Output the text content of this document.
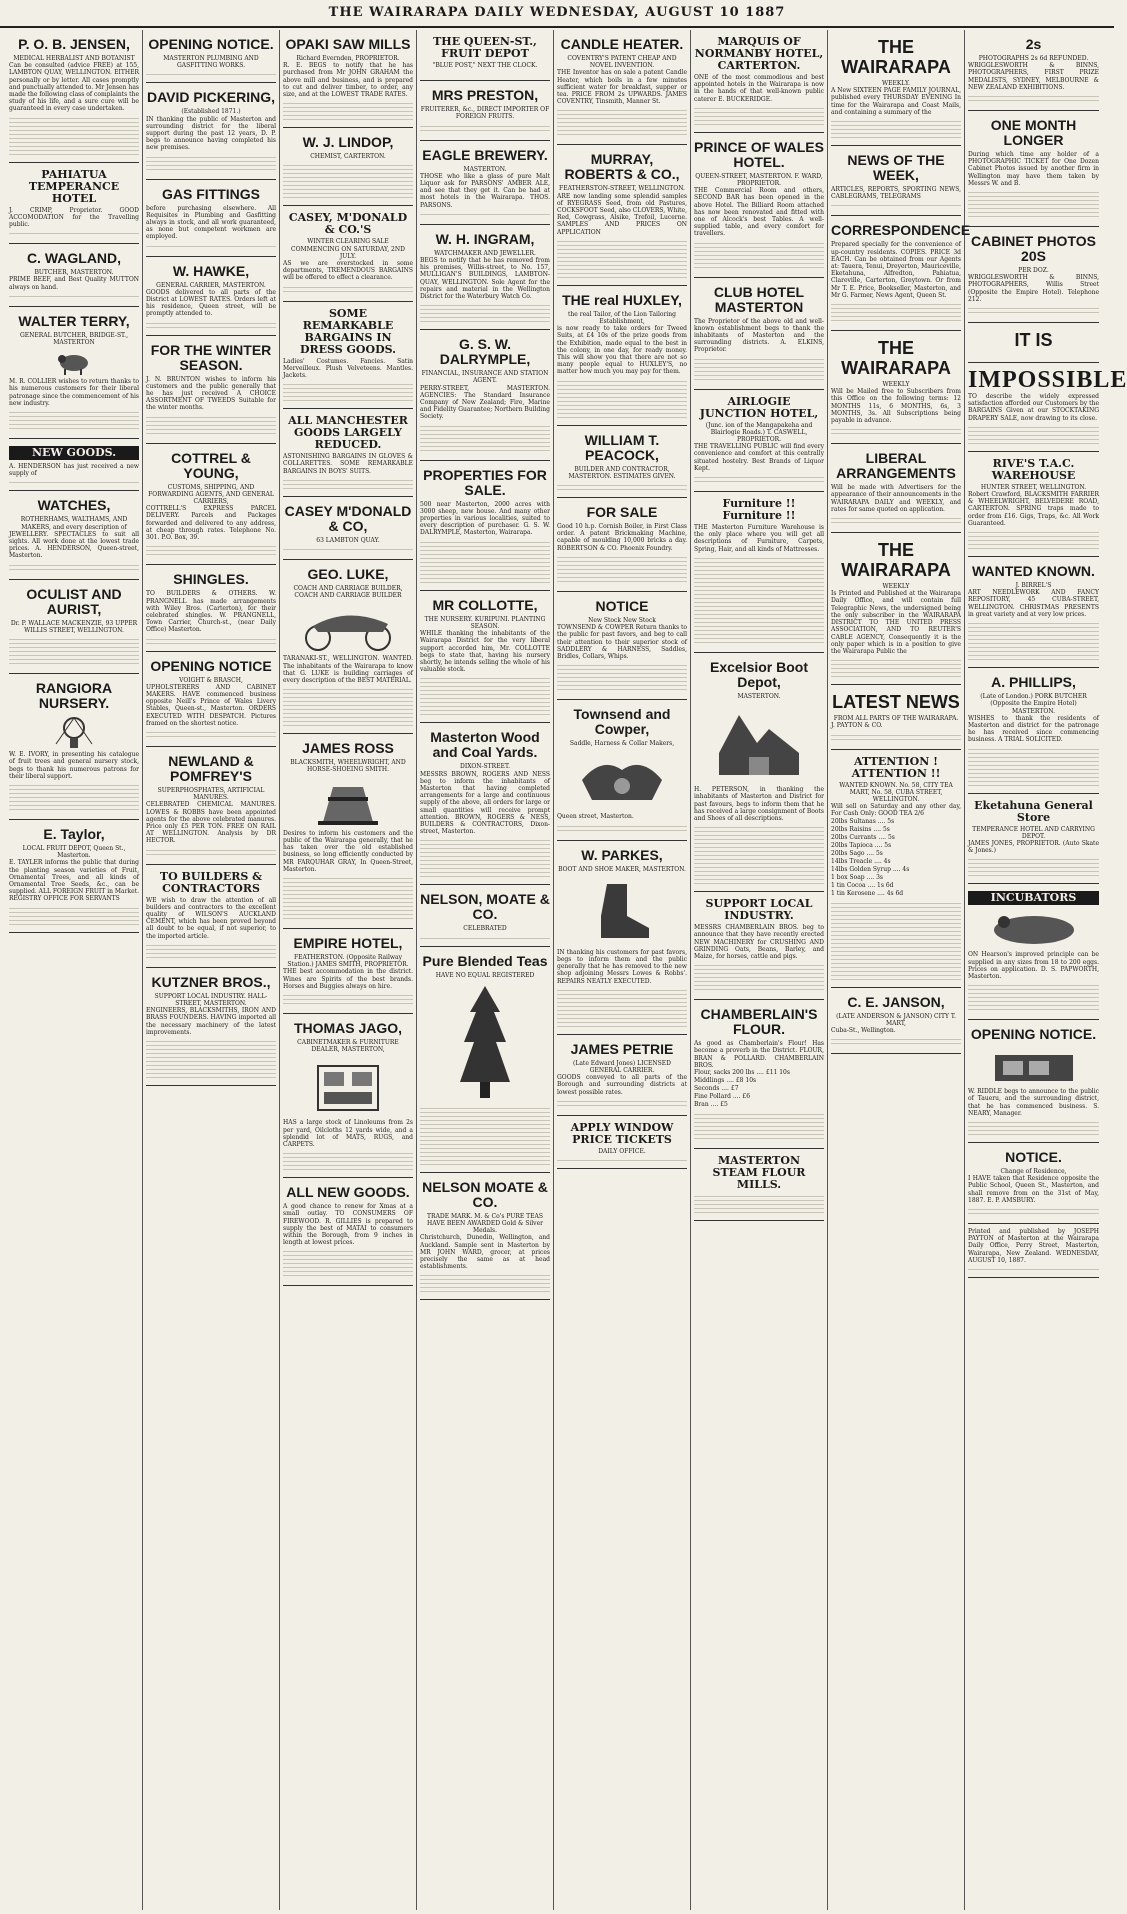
THE WAIRARAPA DAILY WEDNESDAY, AUGUST 10 1887
P. O. B. JENSEN,
MEDICAL HERBALIST AND BOTANIST
Can be consulted (advice FREE) at 155, LAMBTON QUAY, WELLINGTON. EITHER personally or by letter. All cases promptly and punctually attended to. Mr Jensen has made the following class of complaints the study of his life, and a sure cure will be guaranteed in every case undertaken.
PAHIATUA TEMPERANCE HOTEL
J. CRIMP, Proprietor. GOOD ACCOMODATION for the Travelling public.
C. WAGLAND,
BUTCHER, MASTERTON.
PRIME BEEF, and Best Quality MUTTON always on hand.
WALTER TERRY,
GENERAL BUTCHER, BRIDGE-ST., MASTERTON
M. R. COLLIER wishes to return thanks to his numerous customers for their liberal patronage since the commencement of his new industry.
NEW GOODS.
A. HENDERSON has just received a new supply of
WATCHES,
ROTHERHAMS, WALTHAMS, AND MAKERS, and every description of
JEWELLERY. SPECTACLES to suit all sights. All work done at the lowest trade prices. A. HENDERSON, Queen-street, Masterton.
OCULIST AND AURIST,
Dr. P. WALLACE MACKENZIE, 93 UPPER WILLIS STREET, WELLINGTON.
RANGIORA NURSERY.
W. E. IVORY, in presenting his catalogue of fruit trees and general nursery stock, begs to thank his numerous patrons for their liberal support.
E. Taylor,
LOCAL FRUIT DEPOT, Queen St., Masterton.
E. TAYLER informs the public that during the planting season varieties of Fruit, Ornamental Trees, and all kinds of Ornamental Tree Seeds, &c., can be supplied. ALL FOREIGN FRUIT in Market. REGISTRY OFFICE FOR SERVANTS
OPENING NOTICE.
MASTERTON PLUMBING AND GASFITTING WORKS.
DAVID PICKERING,
(Established 1871.)
IN thanking the public of Masterton and surrounding district for the liberal support during the past 12 years, D. P. begs to announce having completed his new premises.
GAS FITTINGS
before purchasing elsewhere. All Requisites in Plumbing and Gasfitting always in stock, and all work guaranteed, as none but competent workmen are employed.
W. HAWKE,
GENERAL CARRIER, MASTERTON.
GOODS delivered to all parts of the District at LOWEST RATES. Orders left at his residence, Queen street, will be promptly attended to.
FOR THE WINTER SEASON.
J. N. BRUNTON wishes to inform his customers and the public generally that he has just received A CHOICE ASSORTMENT OF TWEEDS Suitable for the winter months.
COTTREL & YOUNG,
CUSTOMS, SHIPPING, AND FORWARDING AGENTS, AND GENERAL CARRIERS,
COTTRELL'S EXPRESS PARCEL DELIVERY. Parcels and Packages forwarded and delivered to any address, at cheap through rates. Telephone No. 301. P.O. Box, 39.
SHINGLES.
TO BUILDERS & OTHERS. W. PRANGNELL has made arrangements with Wiley Bros. (Carterton), for their celebrated shingles. W. PRANGNELL, Town Carrier, Church-st., (near Daily Office) Masterton.
OPENING NOTICE
VOIGHT & BRASCH,
UPHOLSTERERS AND CABINET MAKERS. HAVE commenced business opposite Neill's Prince of Wales Livery Stables, Queen-st., Masterton. ORDERS EXECUTED WITH DESPATCH. Pictures framed on the shortest notice.
NEWLAND & POMFREY'S
SUPERPHOSPHATES, ARTIFICIAL MANURES.
CELEBRATED CHEMICAL MANURES. LOWES & ROBBS have been appointed agents for the above celebrated manures. Price only £5 PER TON. FREE ON RAIL AT WELLINGTON. Analysis by DR HECTOR.
TO BUILDERS & CONTRACTORS
WE wish to draw the attention of all builders and contractors to the excellent quality of WILSON'S AUCKLAND CEMENT, which has been proved beyond all doubt to be equal, if not superior, to the imported article.
KUTZNER BROS.,
SUPPORT LOCAL INDUSTRY. HALL-STREET, MASTERTON.
ENGINEERS, BLACKSMITHS, IRON AND BRASS FOUNDERS. HAVING imported all the necessary machinery of the latest improvements.
OPAKI SAW MILLS
Richard Evernden, PROPRIETOR.
R. E. BEGS to notify that he has purchased from Mr JOHN GRAHAM the above mill and business, and is prepared to cut and deliver timber, to order, any size, and at the LOWEST TRADE RATES.
W. J. LINDOP,
CHEMIST, CARTERTON.
CASEY, M'DONALD & CO.'S
WINTER CLEARING SALE COMMENCING ON SATURDAY, 2ND JULY.
AS we are overstocked in some departments, TREMENDOUS BARGAINS will be offered to effect a clearance.
SOME REMARKABLE BARGAINS IN DRESS GOODS.
Ladies' Costumes. Fancies. Satin Merveilleux. Plush Velveteens. Mantles. Jackets.
ALL MANCHESTER GOODS LARGELY REDUCED.
ASTONISHING BARGAINS IN GLOVES & COLLARETTES. SOME REMARKABLE BARGAINS IN BOYS' SUITS.
CASEY M'DONALD & CO,
63 LAMBTON QUAY.
GEO. LUKE,
COACH AND CARRIAGE BUILDER, COACH AND CARRIAGE BUILDER
TARANAKI-ST., WELLINGTON. WANTED. The inhabitants of the Wairarapa to know that G. LUKE is building carriages of every description of the BEST MATERIAL.
JAMES ROSS
BLACKSMITH, WHEELWRIGHT, AND HORSE-SHOEING SMITH.
Desires to inform his customers and the public of the Wairarapa generally, that he has taken over the old established business, so long efficiently conducted by MR FARQUHAR GRAY, In Queen-Street, Masterton.
EMPIRE HOTEL,
FEATHERSTON. (Opposite Railway Station.) JAMES SMITH, PROPRIETOR.
THE best accommodation in the district. Wines are Spirits of the best brands. Horses and Buggies always on hire.
THOMAS JAGO,
CABINETMAKER & FURNITURE DEALER, MASTERTON,
HAS a large stock of Linoleums from 2s per yard, Oilcloths 12 yards wide, and a splendid lot of MATS, RUGS, and CARPETS.
ALL NEW GOODS.
A good chance to renew for Xmas at a small outlay. TO CONSUMERS OF FIREWOOD. R. GILLIES is prepared to supply the best of MATAI to consumers within the Borough, from 9 inches in length at lowest prices.
THE QUEEN-ST., FRUIT DEPOT
"BLUE POST," NEXT THE CLOCK.
MRS PRESTON,
FRUITERER, &c., DIRECT IMPORTER OF FOREIGN FRUITS.
EAGLE BREWERY.
MASTERTON.
THOSE who like a glass of pure Malt Liquor ask for PARSONS' AMBER ALE, and see that they get it. Can be had at most hotels in the Wairarapa. THOS. PARSONS.
W. H. INGRAM,
WATCHMAKER AND JEWELLER.
BEGS to notify that he has removed from his premises, Willis-street, to No. 157, MULLIGAN'S BUILDINGS, LAMBTON-QUAY, WELLINGTON. Sole Agent for the repairs and material in the Wellington District for the Waterbury Watch Co.
G. S. W. DALRYMPLE,
FINANCIAL, INSURANCE AND STATION AGENT.
PERRY-STREET, MASTERTON. AGENCIES: The Standard Insurance Company of New Zealand; Fire, Marine and Fidelity Guarantee; Northern Building Society.
PROPERTIES FOR SALE.
500 near Masterton, 2000 acres with 3000 sheep, new house. And many other properties in various localities, suited to every description of purchaser. G. S. W. DALRYMPLE, Masterton, Wairarapa.
MR COLLOTTE,
THE NURSERY. KURIPUNI. PLANTING SEASON.
WHILE thanking the inhabitants of the Wairarapa District for the very liberal support accorded him, Mr. COLLOTTE begs to state that, having his nursery shortly, he intends selling the whole of his valuable stock.
Masterton Wood and Coal Yards.
DIXON-STREET.
MESSRS BROWN, ROGERS AND NESS beg to inform the inhabitants of Masterton that having completed arrangements for a large and continuous supply of the above, all orders for large or small quantities will receive prompt attention. BROWN, ROGERS & NESS, BUILDERS & CONTRACTORS, Dixon-street, Masterton.
NELSON, MOATE & CO.
CELEBRATED
Pure Blended Teas
HAVE NO EQUAL REGISTERED
NELSON MOATE & CO.
TRADE MARK. M. & Co's PURE TEAS HAVE BEEN AWARDED Gold & Silver Medals.
Christchurch, Dunedin, Wellington, and Auckland. Sample sent in Masterton by MR JOHN WARD, grocer, at prices precisely the same as at head establishments.
CANDLE HEATER.
COVENTRY'S PATENT CHEAP AND NOVEL INVENTION.
THE Inventor has on sale a patent Candle Heater, which boils in a few minutes sufficient water for breakfast, supper or tea. PRICE FROM 2s UPWARDS. JAMES COVENTRY, Tinsmith, Manner St.
MURRAY, ROBERTS & CO.,
FEATHERSTON-STREET, WELLINGTON.
ARE now landing some splendid samples of RYEGRASS Seed, from old Pastures, COCKSFOOT Seed, also CLOVERS, White, Red, Cowgrass, Alsike, Trefoil, Lucerne. SAMPLES AND PRICES ON APPLICATION
THE real HUXLEY,
the real Tailor, of the Lion Tailoring Establishment,
is now ready to take orders for Tweed Suits, at £4 10s of the prize goods from the Exhibition, made equal to the best in the colony, in one day, for ready money. This will show you that there are not so many people equal to HUXLEY'S, no matter how much you may pay for them.
WILLIAM T. PEACOCK,
BUILDER AND CONTRACTOR, MASTERTON. ESTIMATES GIVEN.
FOR SALE
Good 10 h.p. Cornish Boiler, in First Class order. A patent Brickmaking Machine, capable of moulding 10,000 bricks a day. ROBERTSON & CO. Phoenix Foundry.
NOTICE
New Stock New Stock
TOWNSEND & COWPER Return thanks to the public for past favors, and beg to call their attention to their superior stock of SADDLERY & HARNESS, Saddles, Bridles, Collars, Whips.
Townsend and Cowper,
Saddle, Harness & Collar Makers,
Queen street, Masterton.
W. PARKES,
BOOT AND SHOE MAKER, MASTERTON.
IN thanking his customers for past favors, begs to inform them and the public generally that he has removed to the new shop adjoining Messrs Lowes & Robbs'. REPAIRS NEATLY EXECUTED.
JAMES PETRIE
(Late Edward Jones) LICENSED GENERAL CARRIER.
GOODS conveyed to all parts of the Borough and surrounding districts at lowest possible rates.
APPLY WINDOW PRICE TICKETS
DAILY OFFICE.
MARQUIS OF NORMANBY HOTEL, CARTERTON.
ONE of the most commodious and best appointed hotels in the Wairarapa is now in the hands of that well-known public caterer E. BUCKERIDGE.
PRINCE OF WALES HOTEL.
QUEEN-STREET, MASTERTON. F. WARD, PROPRIETOR.
THE Commercial Room and others, SECOND BAR has been opened in the above Hotel. The Billiard Room attached has now been renovated and fitted with one of Alcock's best Tables. A well-supplied table, and every comfort for travellers.
CLUB HOTEL MASTERTON
The Proprietor of the above old and well-known establishment begs to thank the inhabitants of Masterton and the surrounding districts. A. ELKINS, Proprietor.
AIRLOGIE JUNCTION HOTEL,
(Junc. ion of the Mangapakeha and Blairlogie Roads.) T. CASWELL, PROPRIETOR.
THE TRAVELLING PUBLIC will find every convenience and comfort at this centrally situated hostelry. Best Brands of Liquor Kept.
Furniture !! Furniture !!
THE Masterton Furniture Warehouse is the only place where you will get all descriptions of Furniture, Carpets, Spring, Hair, and all kinds of Mattresses.
Excelsior Boot Depot,
MASTERTON.
H. PETERSON, in thanking the inhabitants of Masterton and District for past favours, begs to inform them that he has received a large consignment of Boots and Shoes of all descriptions.
SUPPORT LOCAL INDUSTRY.
MESSRS CHAMBERLAIN BROS. beg to announce that they have recently erected NEW MACHINERY for CRUSHING AND GRINDING Oats, Beans, Barley, and Maize, for horses, cattle and pigs.
CHAMBERLAIN'S FLOUR.
As good as Chamberlain's Flour! Has become a proverb in the District. FLOUR, BRAN & POLLARD. CHAMBERLAIN BROS.
Flour, sacks 200 lbs .... £11 10s
Middlings .... £8 10s
Seconds .... £7
Fine Pollard .... £6
Bran .... £5
MASTERTON STEAM FLOUR MILLS.
THE WAIRARAPA
WEEKLY.
A New SIXTEEN PAGE FAMILY JOURNAL, published every THURSDAY EVENING In time for the Wairarapa and Coast Mails, and containing a summary of the
NEWS OF THE WEEK,
ARTICLES, REPORTS, SPORTING NEWS, CABLEGRAMS, TELEGRAMS
CORRESPONDENCE
Prepared specially for the convenience of up-country residents. COPIES. PRICE 3d EACH. Can be obtained from our Agents at: Tauera, Tenui, Dreyerton, Mauriceville, Eketahuna, Alfredton, Pahiatua, Clareville, Carterton, Greytown. Or from Mr T. E. Price, Bookseller, Masterton, and Mr G. Farmer, News Agent, Queen St.
THE WAIRARAPA
WEEKLY
Will be Mailed free to Subscribers from this Office on the following terms: 12 MONTHS 11s, 6 MONTHS, 6s, 3 MONTHS, 3s. All Subscriptions being payable in advance.
LIBERAL ARRANGEMENTS
Will be made with Advertisers for the appearance of their announcements in the WAIRARAPA DAILY and WEEKLY, and rates for same quoted on application.
THE WAIRARAPA
WEEKLY
Is Printed and Published at the Wairarapa Daily Office, and will contain full Telegraphic News, the undersigned being the only subscriber in the WAIRARAPA DISTRICT TO THE UNITED PRESS ASSOCIATION, AND TO REUTER'S CABLE AGENCY, Consequently it is the only paper which is in a position to give the Wairarapa Public the
LATEST NEWS
FROM ALL PARTS OF THE WAIRARAPA.
J. PAYTON & CO.
ATTENTION ! ATTENTION !!
WANTED KNOWN. No. 58, CITY TEA MART, No. 58, CUBA STREET, WELLINGTON.
Will sell on Saturday and any other day, For Cash Only: GOOD TEA 2/6
20lbs Sultanas .... 5s
20lbs Raisins .... 5s
20lbs Currants .... 5s
20lbs Tapioca .... 5s
20lbs Sago .... 5s
14lbs Treacle .... 4s
14lbs Golden Syrup .... 4s
1 box Soap .... 3s
1 tin Cocoa .... 1s 6d
1 tin Kerosene .... 4s 6d
C. E. JANSON,
(LATE ANDERSON & JANSON) CITY T. MART,
Cuba-St., Wellington.
2s
PHOTOGRAPHS 2s 6d REFUNDED.
WRIGGLESWORTH & BINNS, PHOTOGRAPHERS, FIRST PRIZE MEDALISTS, SYDNEY, MELBOURNE & NEW ZEALAND EXHIBITIONS.
ONE MONTH LONGER
During which time any holder of a PHOTOGRAPHIC TICKET for One Dozen Cabinet Photos issued by another firm in Wellington may have them taken by Messrs W. and B.
CABINET PHOTOS 20S
PER DOZ.
WRIGGLESWORTH & BINNS, PHOTOGRAPHERS, Willis Street (Opposite the Empire Hotel). Telephone 212.
IT IS
IMPOSSIBLE
TO describe the widely expressed satisfaction afforded our Customers by the BARGAINS Given at our STOCKTAKING DRAPERY SALE, now drawing to its close.
RIVE'S T.A.C. WAREHOUSE
HUNTER STREET, WELLINGTON.
Robert Crawford, BLACKSMITH FARRIER & WHEELWRIGHT, BELVEDERE ROAD, CARTERTON. SPRING traps made to order from £16. Gigs, Traps, &c. All Work Guaranteed.
WANTED KNOWN.
J. BIRREL'S
ART NEEDLEWORK AND FANCY REPOSITORY, 45 CUBA-STREET, WELLINGTON. CHRISTMAS PRESENTS in great variety and at very low prices.
A. PHILLIPS,
(Late of London.) PORK BUTCHER (Opposite the Empire Hotel) MASTERTON.
WISHES to thank the residents of Masterton and district for the patronage he has received since commencing business. A TRIAL SOLICITED.
Eketahuna General Store
TEMPERANCE HOTEL AND CARRYING DEPOT.
JAMES JONES, PROPRIETOR. (Auto Skate & Jones.)
INCUBATORS
ON Hearson's improved principle can be supplied in any sizes from 18 to 200 eggs. Prices on application. D. S. PAPWORTH, Masterton.
OPENING NOTICE.
W. RIDDLE begs to announce to the public of Taueru, and the surrounding district, that he has commenced business. S. NEARY, Manager.
NOTICE.
Change of Residence,
I HAVE taken that Residence opposite the Public School, Queen St., Masterton, and shall remove from on the 31st of May, 1887. E. P. AMSBURY.
Printed and published by JOSEPH PAYTON of Masterton at the Wairarapa Daily Office, Perry Street, Masterton, Wairarapa, New Zealand. WEDNESDAY, AUGUST 10, 1887.
